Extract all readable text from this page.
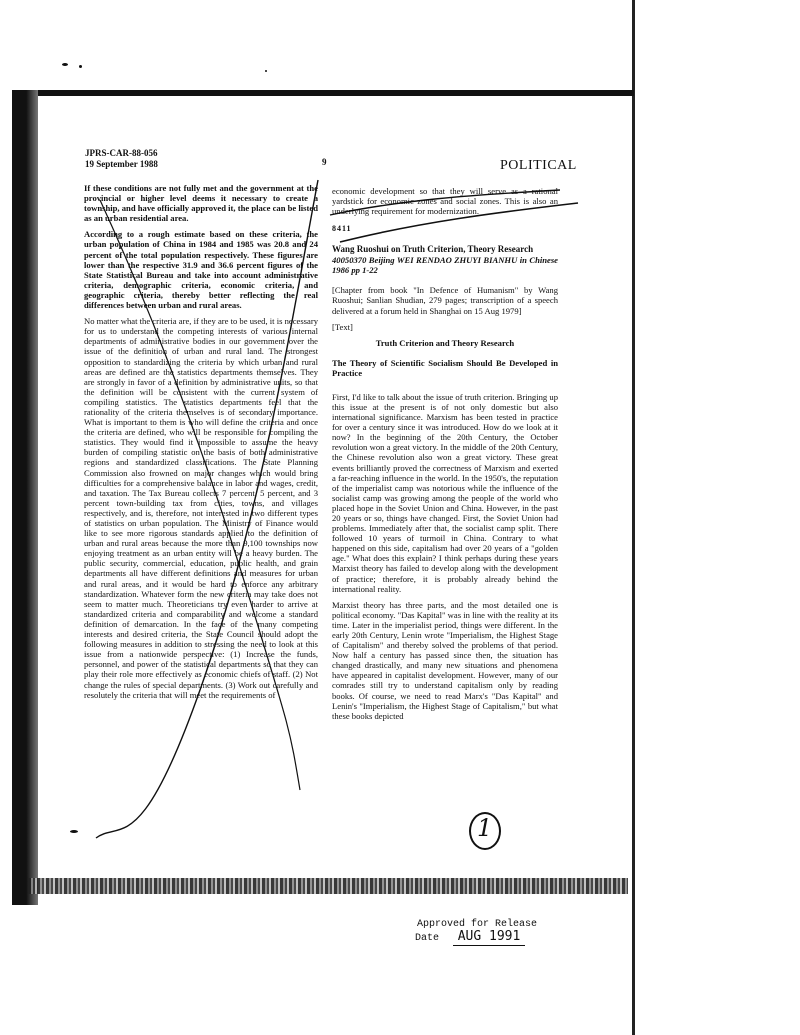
JPRS-CAR-88-056
19 September 1988	9	POLITICAL

If these conditions are not fully met and the government at the provincial or higher level deems it necessary to create a township, and have officially approved it, the place can be listed as an urban residential area.

According to a rough estimate based on these criteria, the urban population of China in 1984 and 1985 was 20.8 and 24 percent of the total population respectively. These figures are lower than the respective 31.9 and 36.6 percent figures of the State Statistical Bureau and take into account administrative criteria, demographic criteria, economic criteria, and geographic criteria, thereby better reflecting the real differences between urban and rural areas.

No matter what the criteria are, if they are to be used, it is necessary for us to understand the competing interests of various internal departments of administrative bodies in our government over the issue of the definition of urban and rural land. The strongest opposition to standardizing the criteria by which urban and rural areas are defined are the statistics departments themselves. They are strongly in favor of a definition by administrative units, so that the definition will be consistent with the current system of compiling statistics. The statistics departments feel that the rationality of the criteria themselves is of secondary importance. What is important to them is who will define the criteria and once the criteria are defined, who will be responsible for compiling the statistics. They would find it impossible to assume the heavy burden of compiling statistic on the basis of both administrative regions and standardized classifications. The State Planning Commission also frowned on major changes which would bring difficulties for a comprehensive balance in labor and wages, credit, and taxation. The Tax Bureau collects 7 percent, 5 percent, and 3 percent town-building tax from cities, towns, and villages respectively, and is, therefore, not interested in two different types of statistics on urban population. The Ministry of Finance would like to see more rigorous standards applied to the definition of urban and rural areas because the more than 9,100 townships now enjoying treatment as an urban entity will be a heavy burden. The public security, commercial, education, public health, and grain departments all have different definitions and measures for urban and rural areas, and it would be hard to enforce any arbitrary standardization. Whatever form the new criteria may take does not seem to matter much. Theoreticians try even harder to arrive at standardized criteria and comparability and welcome a standard definition of demarcation. In the face of the many competing interests and desired criteria, the State Council should adopt the following measures in addition to stressing the need to look at this issue from a nationwide perspective: (1) Increase the funds, personnel, and power of the statistical departments so that they can play their role more effectively as economic chiefs of staff. (2) Not change the rules of special departments. (3) Work out carefully and resolutely the criteria that will meet the requirements of

economic development so that they will serve as a rational yardstick for economic zones and social zones. This is also an underlying requirement for modernization.

8411
Wang Ruoshui on Truth Criterion, Theory Research
40050370 Beijing WEI RENDAO ZHUYI BIANHU in Chinese 1986 pp 1-22

[Chapter from book "In Defence of Humanism" by Wang Ruoshui; Sanlian Shudian, 279 pages; transcription of a speech delivered at a forum held in Shanghai on 15 Aug 1979]

[Text]

Truth Criterion and Theory Research
The Theory of Scientific Socialism Should Be Developed in Practice

First, I'd like to talk about the issue of truth criterion. Bringing up this issue at the present is of not only domestic but also international significance. Marxism has been tested in practice for over a century since it was introduced. How do we look at it now? In the beginning of the 20th Century, the October revolution won a great victory. In the middle of the 20th Century, the Chinese revolution also won a great victory. These great events brilliantly proved the correctness of Marxism and exerted a far-reaching influence in the world. In the 1950's, the reputation of the imperialist camp was notorious while the influence of the socialist camp was growing among the people of the world who placed hope in the Soviet Union and China. However, in the past 20 years or so, things have changed. First, the Soviet Union had problems. Immediately after that, the socialist camp split. There followed 10 years of turmoil in China. Contrary to what happened on this side, capitalism had over 20 years of a "golden age." What does this explain? I think perhaps during these years Marxist theory has failed to develop along with the development of practice; therefore, it is probably already behind the international reality.

Marxist theory has three parts, and the most detailed one is political economy. "Das Kapital" was in line with the reality at its time. Later in the imperialist period, things were different. In the early 20th Century, Lenin wrote "Imperialism, the Highest Stage of Capitalism" and thereby solved the problems of that period. Now half a century has passed since then, the situation has changed drastically, and many new situations and phenomena have appeared in capitalist development. However, many of our comrades still try to understand capitalism only by reading books. Of course, we need to read Marx's "Das Kapital" and Lenin's "Imperialism, the Highest Stage of Capitalism," but what these books depicted

1
Approved for Release
Date AUG 1991
